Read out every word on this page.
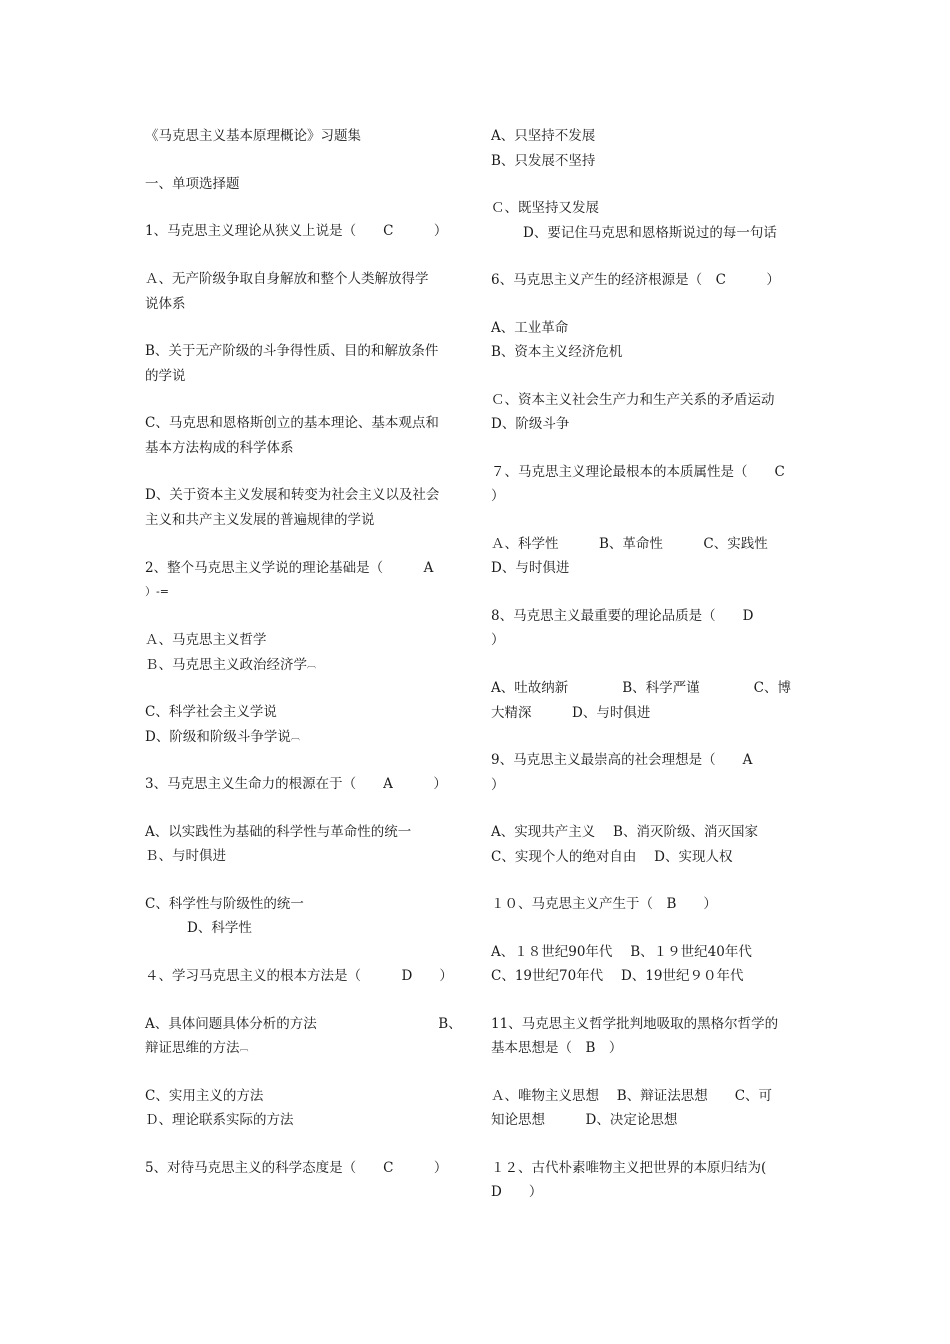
《马克思主义基本原理概论》习题集
一、单项选择题
1、马克思主义理论从狭义上说是（　　C　　　）
Ａ、无产阶级争取自身解放和整个人类解放得学
说体系
B、关于无产阶级的斗争得性质、目的和解放条件
的学说
C、马克思和恩格斯创立的基本理论、基本观点和
基本方法构成的科学体系
D、关于资本主义发展和转变为社会主义以及社会
主义和共产主义发展的普遍规律的学说
2、整个马克思主义学说的理论基础是（　　　A
）-=
Ａ、马克思主义哲学
Ｂ、马克思主义政治经济学︹
C、科学社会主义学说
D、阶级和阶级斗争学说︹
3、马克思主义生命力的根源在于（　　A　　　）
A、以实践性为基础的科学性与革命性的统一
Ｂ、与时俱进
C、科学性与阶级性的统一
D、科学性
４、学习马克思主义的根本方法是（　　　D　　）
A、具体问题具体分析的方法　　　　　　　　　B、
辩证思维的方法︹
C、实用主义的方法
Ｄ、理论联系实际的方法
5、对待马克思主义的科学态度是（　　C　　　）
A、只坚持不发展
B、只发展不坚持
Ｃ、既坚持又发展
D、要记住马克思和恩格斯说过的每一句话
6、马克思主义产生的经济根源是（　C　　　）
A、工业革命
B、资本主义经济危机
Ｃ、资本主义社会生产力和生产关系的矛盾运动
D、阶级斗争
７、马克思主义理论最根本的本质属性是（　　C
）
Ａ、科学性　　　B、革命性　　　C、实践性
D、与时俱进
8、马克思主义最重要的理论品质是（　　D
）
A、吐故纳新　　　　B、科学严谨　　　　C、博
大精深　　　D、与时俱进
9、马克思主义最崇高的社会理想是（　　A
）
A、实现共产主义　 B、消灭阶级、消灭国家
C、实现个人的绝对自由　 D、实现人权
１０、马克思主义产生于（　B　　）
A、１８世纪90年代　 B、１９世纪40年代
C、19世纪70年代　 D、19世纪９０年代
11、马克思主义哲学批判地吸取的黑格尔哲学的
基本思想是（　B　）
Ａ、唯物主义思想　 B、辩证法思想　　C、可
知论思想　　　D、决定论思想
１２、古代朴素唯物主义把世界的本原归结为(
D　　）
